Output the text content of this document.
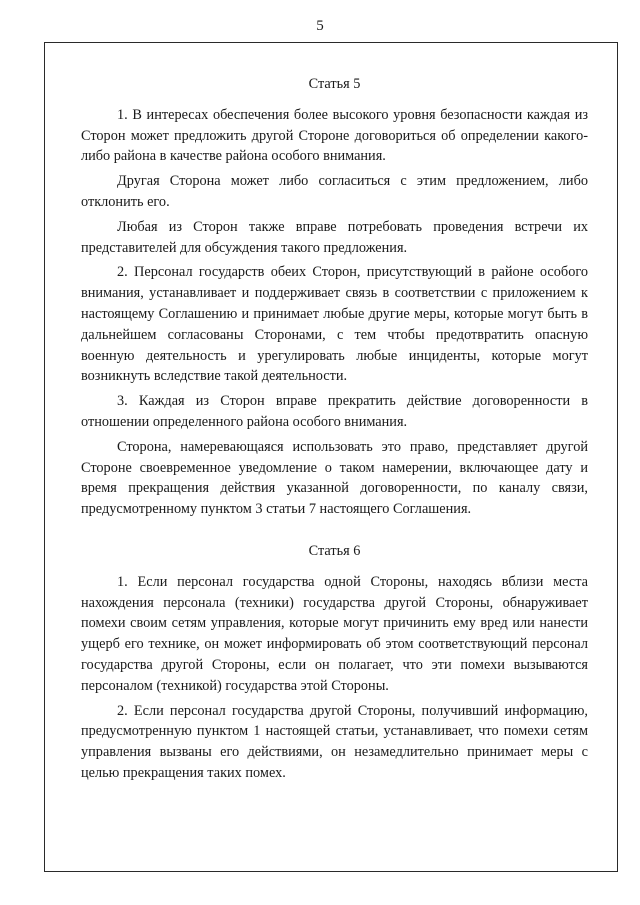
5
Статья 5
1. В интересах обеспечения более высокого уровня безопасности каждая из Сторон может предложить другой Стороне договориться об определении какого-либо района в качестве района особого внимания.
Другая Сторона может либо согласиться с этим предложением, либо отклонить его.
Любая из Сторон также вправе потребовать проведения встречи их представителей для обсуждения такого предложения.
2. Персонал государств обеих Сторон, присутствующий в районе особого внимания, устанавливает и поддерживает связь в соответствии с приложением к настоящему Соглашению и принимает любые другие меры, которые могут быть в дальнейшем согласованы Сторонами, с тем чтобы предотвратить опасную военную деятельность и урегулировать любые инциденты, которые могут возникнуть вследствие такой деятельности.
3. Каждая из Сторон вправе прекратить действие договоренности в отношении определенного района особого внимания.
Сторона, намеревающаяся использовать это право, представляет другой Стороне своевременное уведомление о таком намерении, включающее дату и время прекращения действия указанной договоренности, по каналу связи, предусмотренному пунктом 3 статьи 7 настоящего Соглашения.
Статья 6
1. Если персонал государства одной Стороны, находясь вблизи места нахождения персонала (техники) государства другой Стороны, обнаруживает помехи своим сетям управления, которые могут причинить ему вред или нанести ущерб его технике, он может информировать об этом соответствующий персонал государства другой Стороны, если он полагает, что эти помехи вызываются персоналом (техникой) государства этой Стороны.
2. Если персонал государства другой Стороны, получивший информацию, предусмотренную пунктом 1 настоящей статьи, устанавливает, что помехи сетям управления вызваны его действиями, он незамедлительно принимает меры с целью прекращения таких помех.
